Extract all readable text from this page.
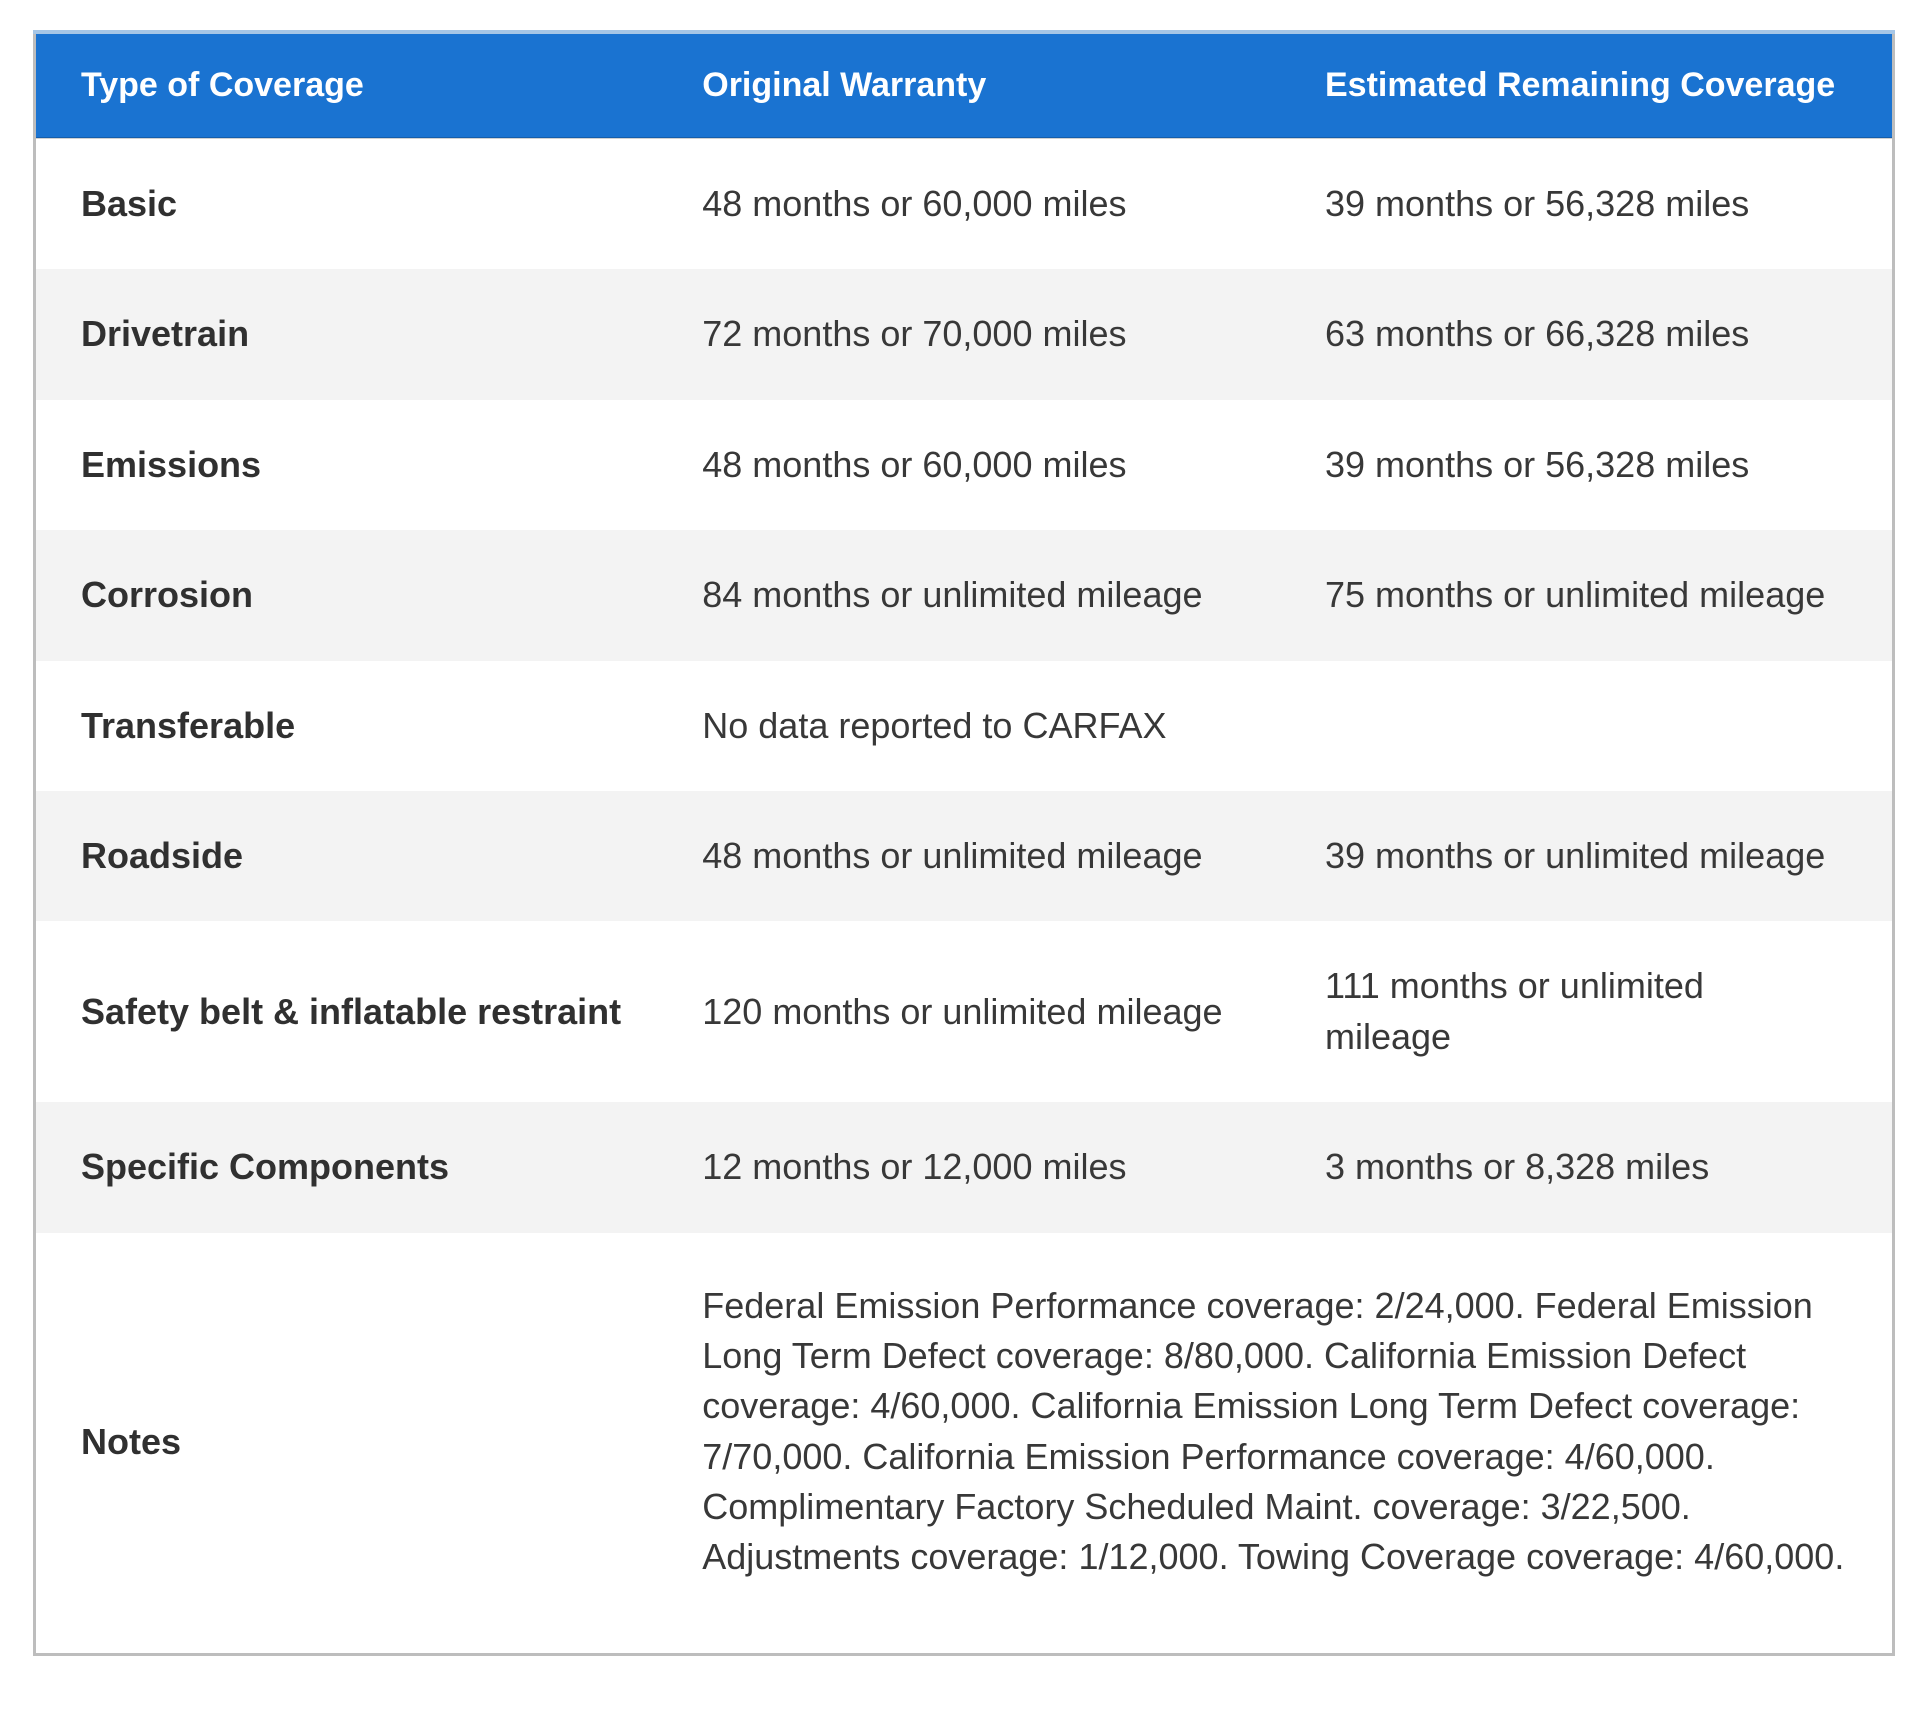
Type of Coverage	Original Warranty	Estimated Remaining Coverage
Basic	48 months or 60,000 miles	39 months or 56,328 miles
Drivetrain	72 months or 70,000 miles	63 months or 66,328 miles
Emissions	48 months or 60,000 miles	39 months or 56,328 miles
Corrosion	84 months or unlimited mileage	75 months or unlimited mileage
Transferable	No data reported to CARFAX	
Roadside	48 months or unlimited mileage	39 months or unlimited mileage
Safety belt & inflatable restraint	120 months or unlimited mileage	111 months or unlimited mileage
Specific Components	12 months or 12,000 miles	3 months or 8,328 miles
Notes	Federal Emission Performance coverage: 2/24,000. Federal Emission Long Term Defect coverage: 8/80,000. California Emission Defect coverage: 4/60,000. California Emission Long Term Defect coverage: 7/70,000. California Emission Performance coverage: 4/60,000. Complimentary Factory Scheduled Maint. coverage: 3/22,500. Adjustments coverage: 1/12,000. Towing Coverage coverage: 4/60,000.	
